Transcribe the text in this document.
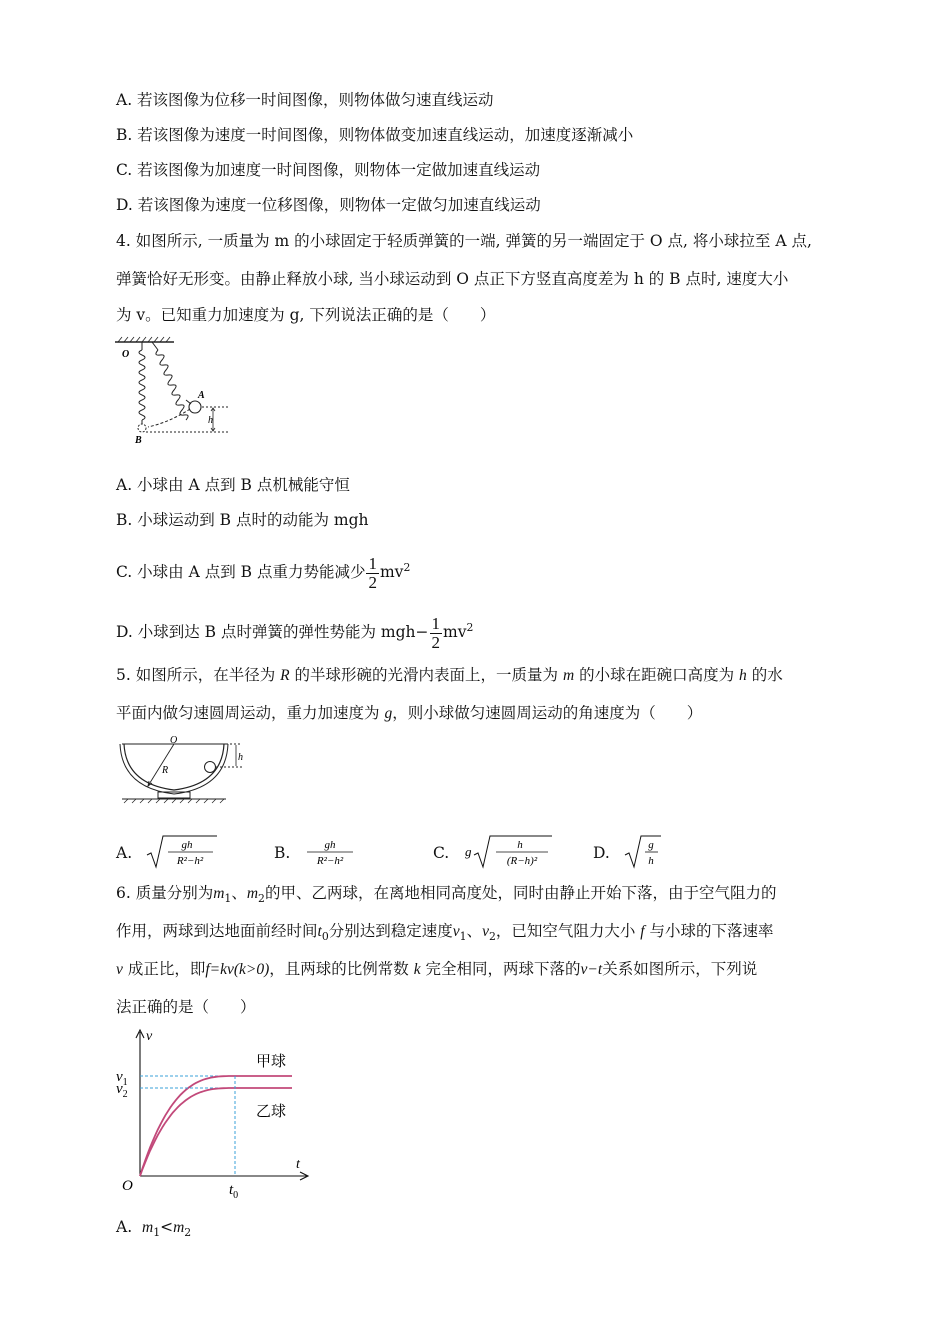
A. 若该图像为位移一时间图像，则物体做匀速直线运动
B. 若该图像为速度一时间图像，则物体做变加速直线运动，加速度逐渐减小
C. 若该图像为加速度一时间图像，则物体一定做加速直线运动
D. 若该图像为速度一位移图像，则物体一定做匀加速直线运动
4. 如图所示, 一质量为 m 的小球固定于轻质弹簧的一端, 弹簧的另一端固定于 O 点, 将小球拉至 A 点,
弹簧恰好无形变。由静止释放小球, 当小球运动到 O 点正下方竖直高度差为 h 的 B 点时, 速度大小
为 v。已知重力加速度为 g, 下列说法正确的是（　　）
O
A
h
B
A. 小球由 A 点到 B 点机械能守恒
B. 小球运动到 B 点时的动能为 mgh
C. 小球由 A 点到 B 点重力势能减少 $\frac{1}{2} mv^2$
D. 小球到达 B 点时弹簧的弹性势能为 $mgh- \frac{1}{2} mv^2$
5. 如图所示，在半径为 R 的半球形碗的光滑内表面上，一质量为 m 的小球在距碗口高度为 h 的水
平面内做匀速圆周运动，重力加速度为 g，则小球做匀速圆周运动的角速度为（　　）
O
R
h
A.	gh
R²−h²	B.	gh
R²−h²	C. g	h
(R−h)²	D.	g
h
6. 质量分别为$m_1$、$m_2$的甲、乙两球，在离地相同高度处，同时由静止开始下落，由于空气阻力的
作用，两球到达地面前经时间$t_0$分别达到稳定速度$v_1$、$v_2$，已知空气阻力大小 f 与小球的下落速率
v 成正比，即f=kv(k>0)，且两球的比例常数 k 完全相同，两球下落的v−t关系如图所示，下列说
法正确的是（　　）
v
t
O
$v_1$
$v_2$
$t_0$
甲球
乙球
A. $m_1<m_2$
